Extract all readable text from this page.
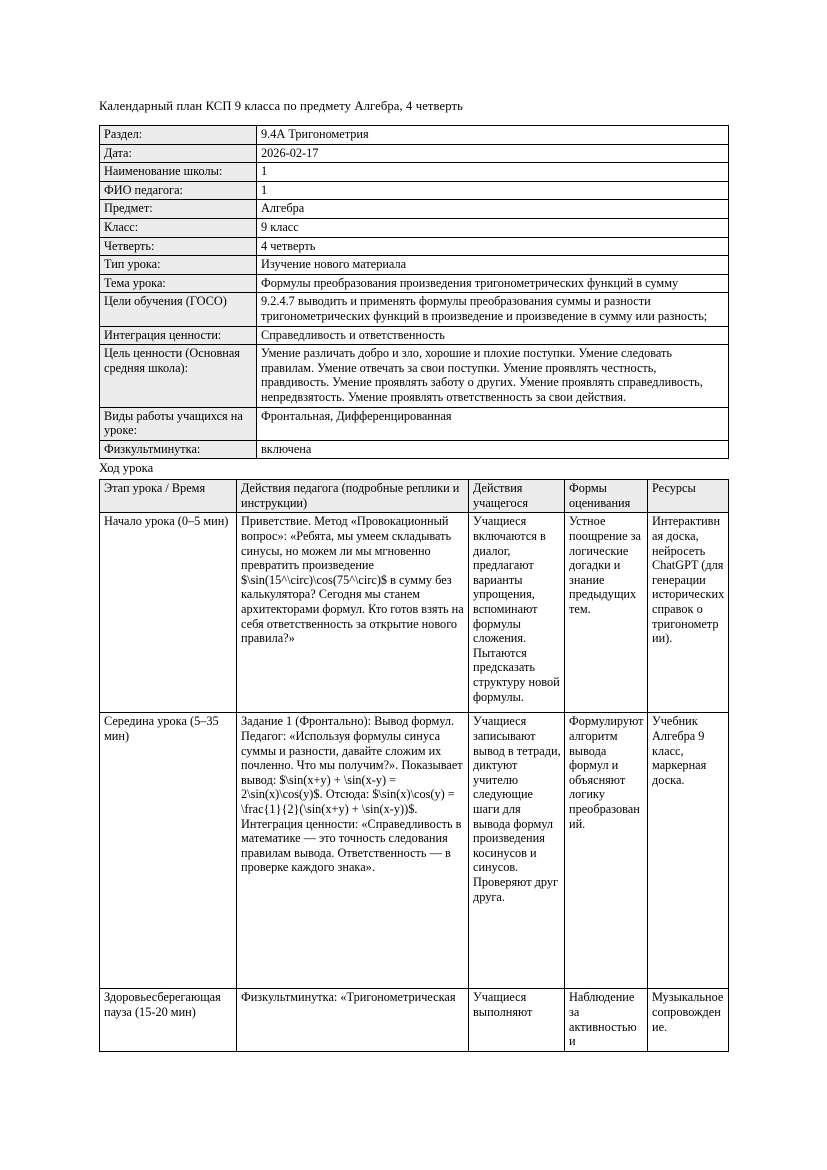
Календарный план КСП 9 класса по предмету Алгебра, 4 четверть

Раздел:	9.4А Тригонометрия
Дата:	2026-02-17
Наименование школы:	1
ФИО педагога:	1
Предмет:	Алгебра
Класс:	9 класс
Четверть:	4 четверть
Тип урока:	Изучение нового материала
Тема урока:	Формулы преобразования произведения тригонометрических функций в сумму
Цели обучения (ГОСО)	9.2.4.7 выводить и применять формулы преобразования суммы и разности тригонометрических функций в произведение и произведение в сумму или разность;
Интеграция ценности:	Справедливость и ответственность
Цель ценности (Основная средняя школа):	Умение различать добро и зло, хорошие и плохие поступки. Умение следовать правилам. Умение отвечать за свои поступки. Умение проявлять честность, правдивость. Умение проявлять заботу о других. Умение проявлять справедливость, непредвзятость. Умение проявлять ответственность за свои действия.
Виды работы учащихся на уроке:	Фронтальная, Дифференцированная
Физкультминутка:	включена

Ход урока

Этап урока / Время	Действия педагога (подробные реплики и инструкции)	Действия учащегося	Формы оценивания	Ресурсы
Начало урока (0–5 мин)	Приветствие. Метод «Провокационный вопрос»: «Ребята, мы умеем складывать синусы, но можем ли мы мгновенно превратить произведение $\sin(15^\circ)\cos(75^\circ)$ в сумму без калькулятора? Сегодня мы станем архитекторами формул. Кто готов взять на себя ответственность за открытие нового правила?»	Учащиеся включаются в диалог, предлагают варианты упрощения, вспоминают формулы сложения. Пытаются предсказать структуру новой формулы.	Устное поощрение за логические догадки и знание предыдущих тем.	Интерактивная доска, нейросеть ChatGPT (для генерации исторических справок о тригонометрии).
Середина урока (5–35 мин)	Задание 1 (Фронтально): Вывод формул. Педагог: «Используя формулы синуса суммы и разности, давайте сложим их почленно. Что мы получим?». Показывает вывод: $\sin(x+y) + \sin(x-y) = 2\sin(x)\cos(y)$. Отсюда: $\sin(x)\cos(y) = \frac{1}{2}(\sin(x+y) + \sin(x-y))$. Интеграция ценности: «Справедливость в математике — это точность следования правилам вывода. Ответственность — в проверке каждого знака».	Учащиеся записывают вывод в тетради, диктуют учителю следующие шаги для вывода формул произведения косинусов и синусов. Проверяют друг друга.	Формулируют алгоритм вывода формул и объясняют логику преобразований.	Учебник Алгебра 9 класс, маркерная доска.
Здоровьесберегающая пауза (15-20 мин)	Физкультминутка: «Тригонометрическая	Учащиеся выполняют	Наблюдение за активностью и	Музыкальное сопровождение.
